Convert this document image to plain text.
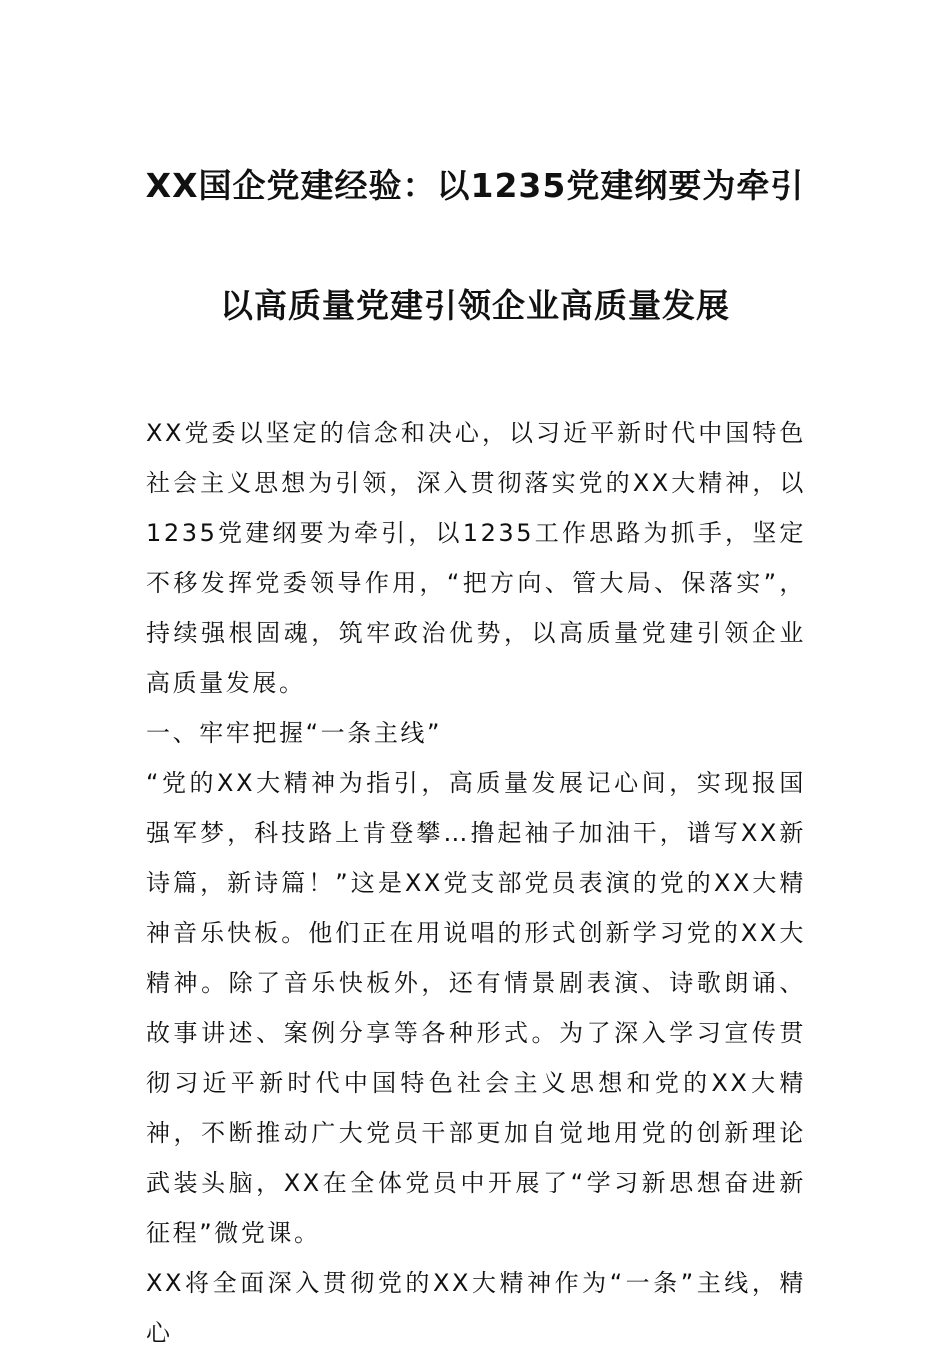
XX国企党建经验：以1235党建纲要为牵引
以高质量党建引领企业高质量发展

XX党委以坚定的信念和决心，以习近平新时代中国特色社会主义思想为引领，深入贯彻落实党的XX大精神，以1235党建纲要为牵引，以1235工作思路为抓手，坚定不移发挥党委领导作用，“把方向、管大局、保落实”，持续强根固魂，筑牢政治优势，以高质量党建引领企业高质量发展。

一、牢牢把握“一条主线”

“党的XX大精神为指引，高质量发展记心间，实现报国强军梦，科技路上肯登攀…撸起袖子加油干，谱写XX新诗篇，新诗篇！”这是XX党支部党员表演的党的XX大精神音乐快板。他们正在用说唱的形式创新学习党的XX大精神。除了音乐快板外，还有情景剧表演、诗歌朗诵、故事讲述、案例分享等各种形式。为了深入学习宣传贯彻习近平新时代中国特色社会主义思想和党的XX大精神，不断推动广大党员干部更加自觉地用党的创新理论武装头脑，XX在全体党员中开展了“学习新思想奋进新征程”微党课。

XX将全面深入贯彻党的XX大精神作为“一条”主线，精心
